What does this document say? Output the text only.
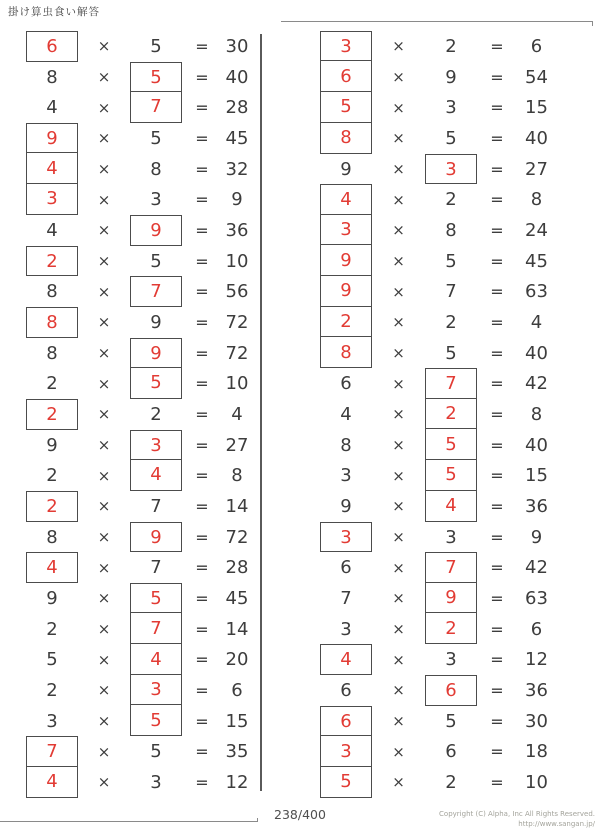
掛け算虫食い解答
6	×	5	= 30
8	×	5	= 40
4	×	7	= 28
9	×	5	= 45
4	×	8	= 32
3	×	3	=	9
4	×	9	= 36
2	×	5	= 10
8	×	7	= 56
8	×	9	= 72
8	×	9	= 72
2	×	5	= 10
2	×	2	=	4
9	×	3	= 27
2	×	4	=	8
2	×	7	= 14
8	×	9	= 72
4	×	7	= 28
9	×	5	= 45
2	×	7	= 14
5	×	4	= 20
2	×	3	=	6
3	×	5	= 15
7	×	5	= 35
4	×	3	= 12
3	×	2	=	6
6	×	9	=	54
5	×	3	=	15
8	×	5	=	40
9	×	3	=	27
4	×	2	=	8
3	×	8	=	24
9	×	5	=	45
9	×	7	=	63
2	×	2	=	4
8	×	5	=	40
6	×	7	=	42
4	×	2	=	8
8	×	5	=	40
3	×	5	=	15
9	×	4	=	36
3	×	3	=	9
6	×	7	=	42
7	×	9	=	63
3	×	2	=	6
4	×	3	=	12
6	×	6	=	36
6	×	5	=	30
3	×	6	=	18
5	×	2	=	10
238/400	Copyright (C) Alpha, Inc All Rights Reserved.
http://www.sangan.jp/
